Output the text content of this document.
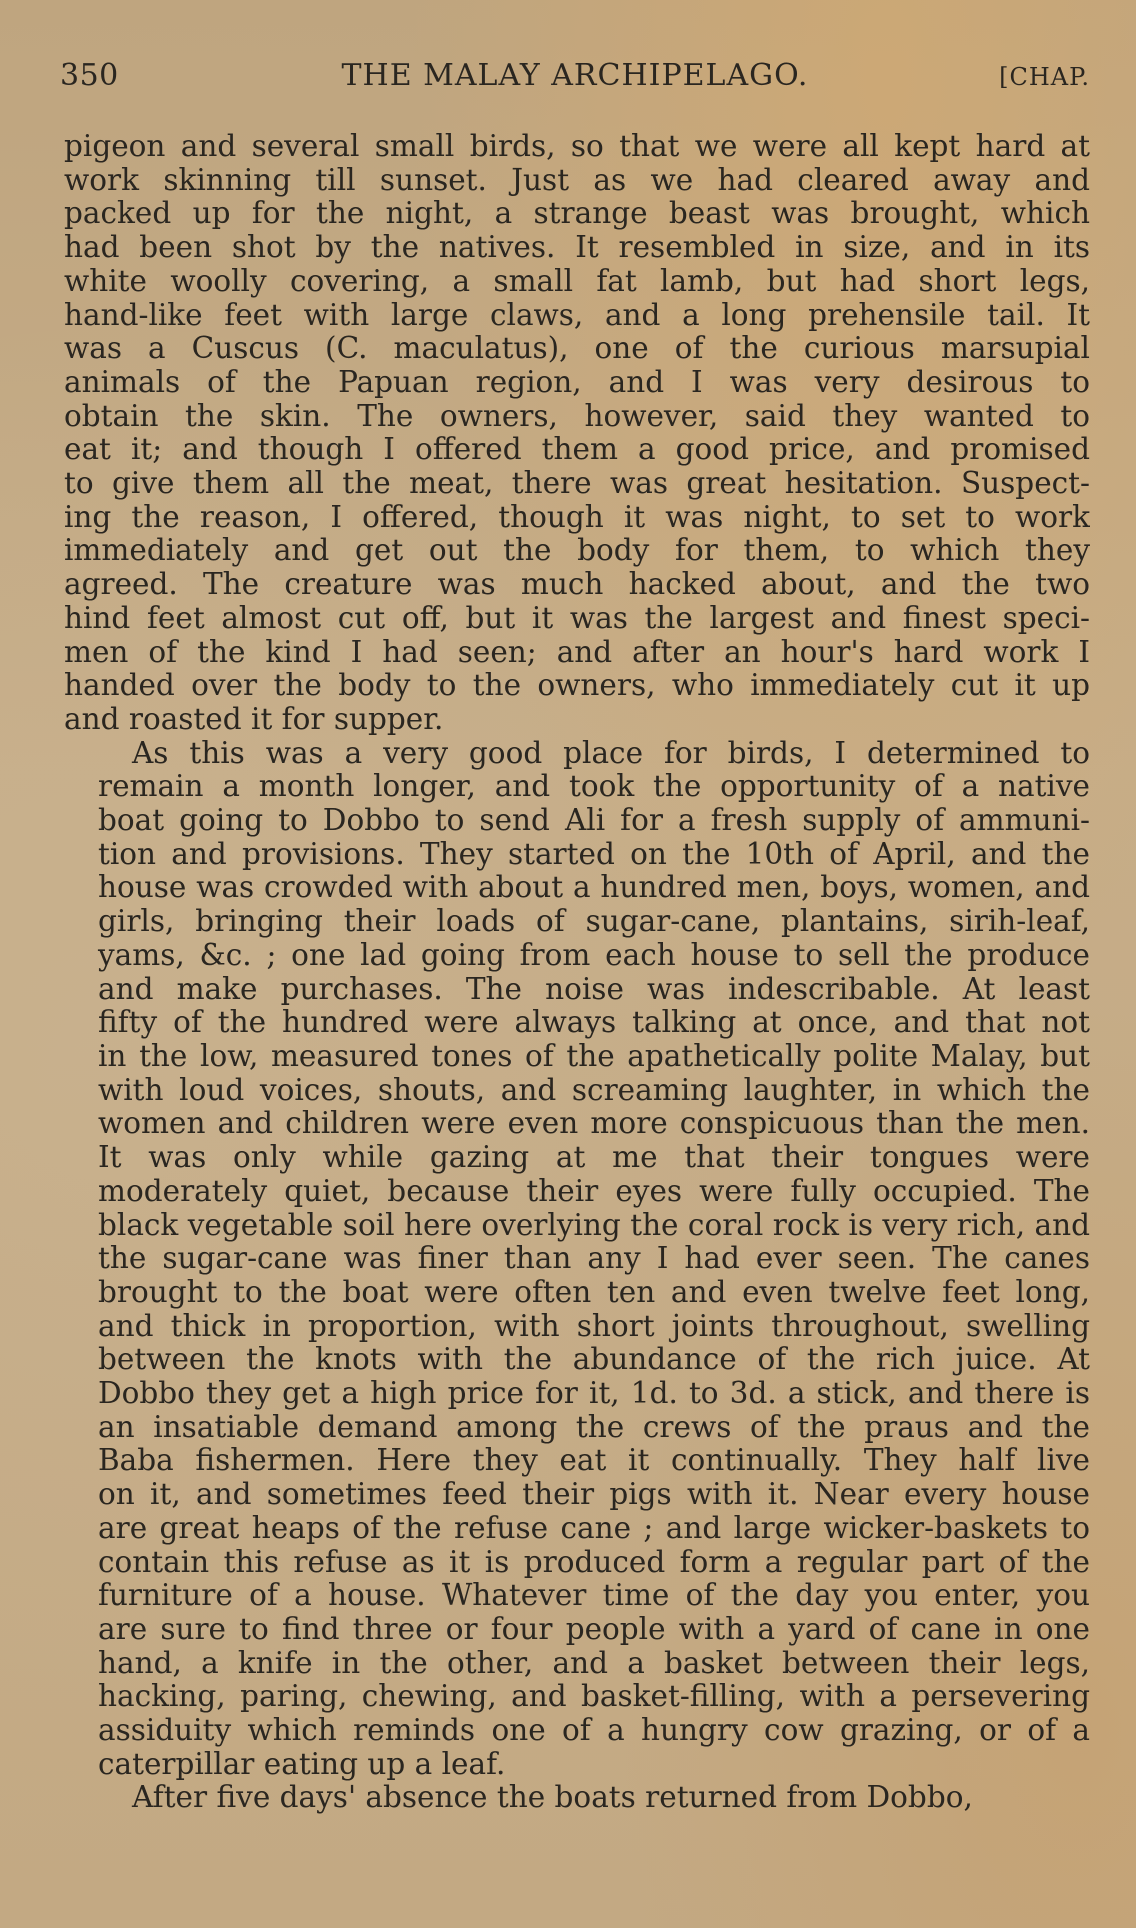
350	THE MALAY ARCHIPELAGO.	[CHAP.
pigeon and several small birds, so that we were all kept hard at
work skinning till sunset. Just as we had cleared away and
packed up for the night, a strange beast was brought, which
had been shot by the natives. It resembled in size, and in its
white woolly covering, a small fat lamb, but had short legs,
hand-like feet with large claws, and a long prehensile tail. It
was a Cuscus (C. maculatus), one of the curious marsupial
animals of the Papuan region, and I was very desirous to
obtain the skin. The owners, however, said they wanted to
eat it; and though I offered them a good price, and promised
to give them all the meat, there was great hesitation. Suspect-
ing the reason, I offered, though it was night, to set to work
immediately and get out the body for them, to which they
agreed. The creature was much hacked about, and the two
hind feet almost cut off, but it was the largest and finest speci-
men of the kind I had seen; and after an hour's hard work I
handed over the body to the owners, who immediately cut it up
and roasted it for supper.
As this was a very good place for birds, I determined to
remain a month longer, and took the opportunity of a native
boat going to Dobbo to send Ali for a fresh supply of ammuni-
tion and provisions. They started on the 10th of April, and the
house was crowded with about a hundred men, boys, women, and
girls, bringing their loads of sugar-cane, plantains, sirih-leaf,
yams, &c. ; one lad going from each house to sell the produce
and make purchases. The noise was indescribable. At least
fifty of the hundred were always talking at once, and that not
in the low, measured tones of the apathetically polite Malay, but
with loud voices, shouts, and screaming laughter, in which the
women and children were even more conspicuous than the men.
It was only while gazing at me that their tongues were
moderately quiet, because their eyes were fully occupied. The
black vegetable soil here overlying the coral rock is very rich, and
the sugar-cane was finer than any I had ever seen. The canes
brought to the boat were often ten and even twelve feet long,
and thick in proportion, with short joints throughout, swelling
between the knots with the abundance of the rich juice. At
Dobbo they get a high price for it, 1d. to 3d. a stick, and there is
an insatiable demand among the crews of the praus and the
Baba fishermen. Here they eat it continually. They half live
on it, and sometimes feed their pigs with it. Near every house
are great heaps of the refuse cane ; and large wicker-baskets to
contain this refuse as it is produced form a regular part of the
furniture of a house. Whatever time of the day you enter, you
are sure to find three or four people with a yard of cane in one
hand, a knife in the other, and a basket between their legs,
hacking, paring, chewing, and basket-filling, with a persevering
assiduity which reminds one of a hungry cow grazing, or of a
caterpillar eating up a leaf.
After five days' absence the boats returned from Dobbo,
